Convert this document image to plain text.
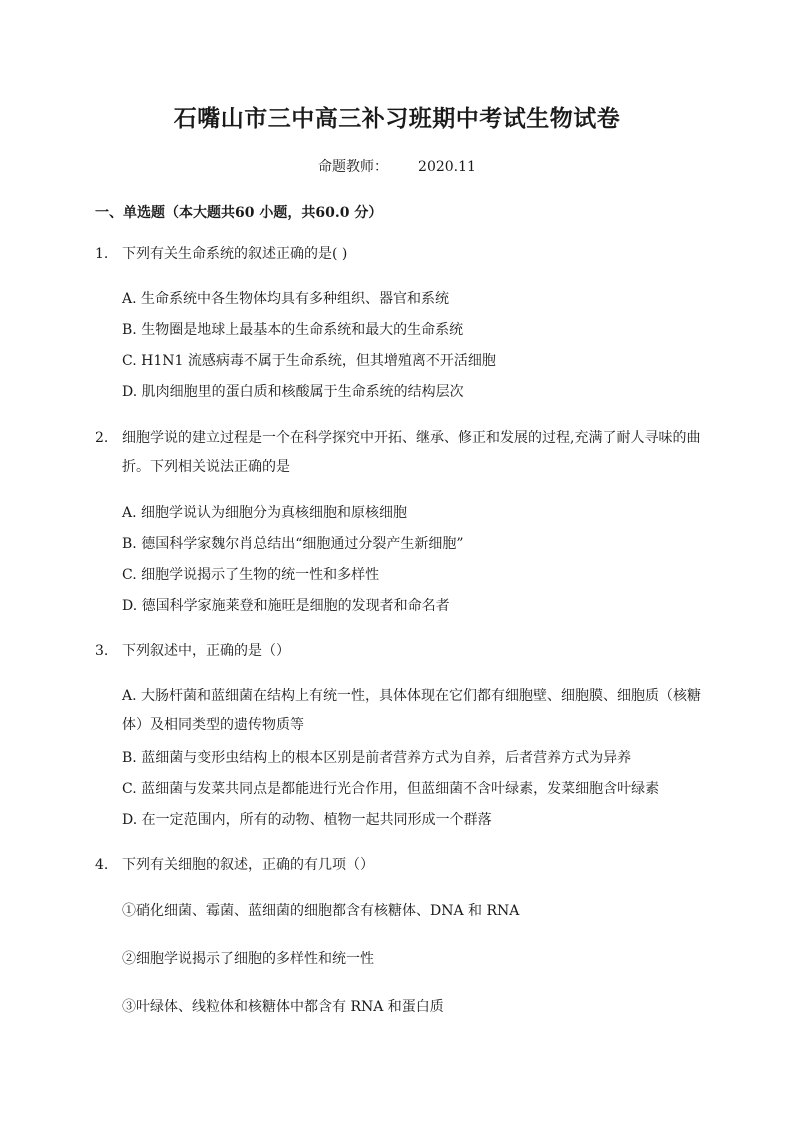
石嘴山市三中高三补习班期中考试生物试卷
命题教师： 2020.11
一、单选题（本大题共60 小题，共60.0 分）
1. 下列有关生命系统的叙述正确的是( )
A. 生命系统中各生物体均具有多种组织、器官和系统
B. 生物圈是地球上最基本的生命系统和最大的生命系统
C. H1N1 流感病毒不属于生命系统，但其增殖离不开活细胞
D. 肌肉细胞里的蛋白质和核酸属于生命系统的结构层次
2. 细胞学说的建立过程是一个在科学探究中开拓、继承、修正和发展的过程,充满了耐人寻味的曲折。下列相关说法正确的是
A. 细胞学说认为细胞分为真核细胞和原核细胞
B. 德国科学家魏尔肖总结出“细胞通过分裂产生新细胞”
C. 细胞学说揭示了生物的统一性和多样性
D. 德国科学家施莱登和施旺是细胞的发现者和命名者
3. 下列叙述中，正确的是（）
A. 大肠杆菌和蓝细菌在结构上有统一性，具体体现在它们都有细胞壁、细胞膜、细胞质（核糖体）及相同类型的遗传物质等
B. 蓝细菌与变形虫结构上的根本区别是前者营养方式为自养，后者营养方式为异养
C. 蓝细菌与发菜共同点是都能进行光合作用，但蓝细菌不含叶绿素，发菜细胞含叶绿素
D. 在一定范围内，所有的动物、植物一起共同形成一个群落
4. 下列有关细胞的叙述，正确的有几项（）
①硝化细菌、霉菌、蓝细菌的细胞都含有核糖体、DNA 和 RNA
②细胞学说揭示了细胞的多样性和统一性
③叶绿体、线粒体和核糖体中都含有 RNA 和蛋白质
